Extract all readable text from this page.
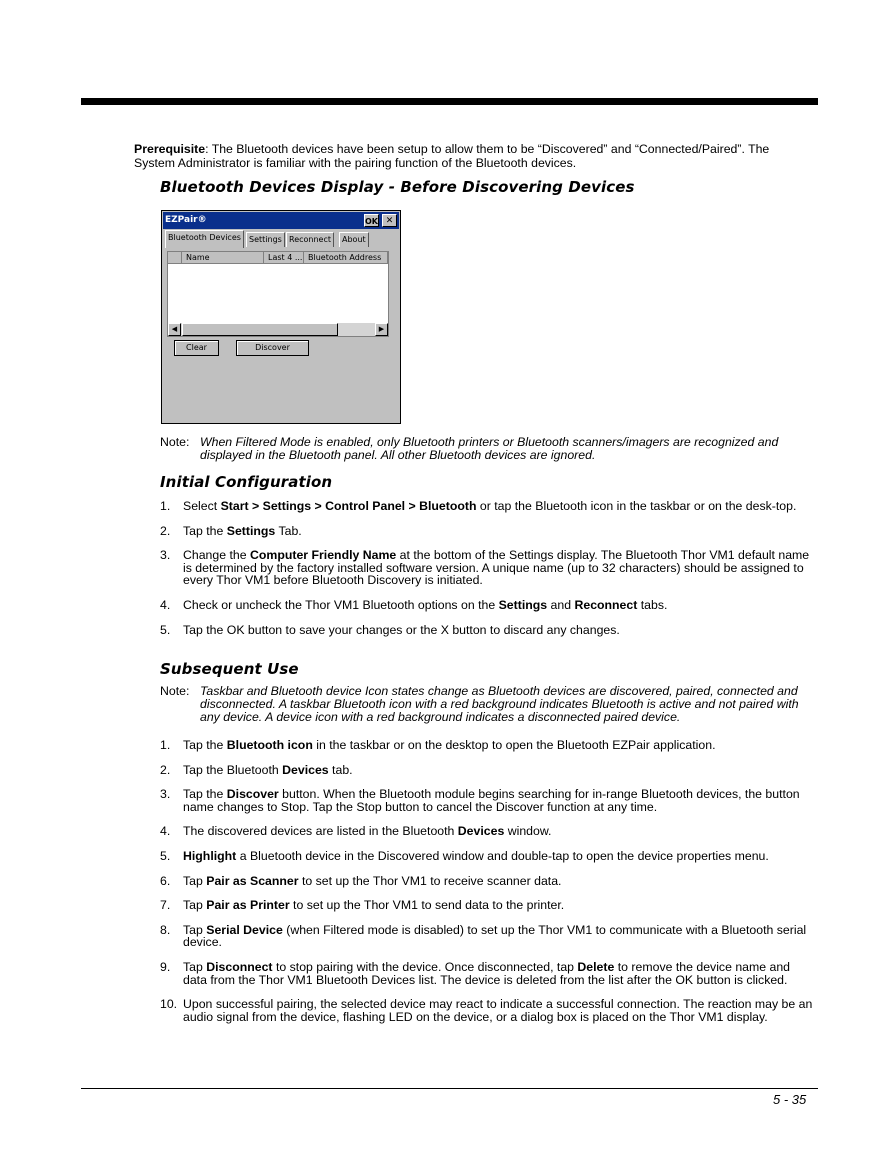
Prerequisite: The Bluetooth devices have been setup to allow them to be “Discovered” and “Connected/Paired”. The
System Administrator is familiar with the pairing function of the Bluetooth devices.
Bluetooth Devices Display - Before Discovering Devices
EZPair®	OK ✕
Bluetooth Devices	Settings Reconnect	About
Name	Last 4 ... Bluetooth Address
◀	▶
Clear	Discover
Note: When Filtered Mode is enabled, only Bluetooth printers or Bluetooth scanners/imagers are recognized and displayed in the Bluetooth panel. All other Bluetooth devices are ignored.
Initial Configuration
1. Select Start > Settings > Control Panel > Bluetooth or tap the Bluetooth icon in the taskbar or on the desk-top.
2. Tap the Settings Tab.
3. Change the Computer Friendly Name at the bottom of the Settings display. The Bluetooth Thor VM1 default name is determined by the factory installed software version. A unique name (up to 32 characters) should be assigned to every Thor VM1 before Bluetooth Discovery is initiated.
4. Check or uncheck the Thor VM1 Bluetooth options on the Settings and Reconnect tabs.
5. Tap the OK button to save your changes or the X button to discard any changes.
Subsequent Use
Note: Taskbar and Bluetooth device Icon states change as Bluetooth devices are discovered, paired, connected and disconnected. A taskbar Bluetooth icon with a red background indicates Bluetooth is active and not paired with any device. A device icon with a red background indicates a disconnected paired device.
1. Tap the Bluetooth icon in the taskbar or on the desktop to open the Bluetooth EZPair application.
2. Tap the Bluetooth Devices tab.
3. Tap the Discover button. When the Bluetooth module begins searching for in-range Bluetooth devices, the button name changes to Stop. Tap the Stop button to cancel the Discover function at any time.
4. The discovered devices are listed in the Bluetooth Devices window.
5. Highlight a Bluetooth device in the Discovered window and double-tap to open the device properties menu.
6. Tap Pair as Scanner to set up the Thor VM1 to receive scanner data.
7. Tap Pair as Printer to set up the Thor VM1 to send data to the printer.
8. Tap Serial Device (when Filtered mode is disabled) to set up the Thor VM1 to communicate with a Bluetooth serial device.
9. Tap Disconnect to stop pairing with the device. Once disconnected, tap Delete to remove the device name and data from the Thor VM1 Bluetooth Devices list. The device is deleted from the list after the OK button is clicked.
10. Upon successful pairing, the selected device may react to indicate a successful connection. The reaction may be an audio signal from the device, flashing LED on the device, or a dialog box is placed on the Thor VM1 display.
5 - 35
